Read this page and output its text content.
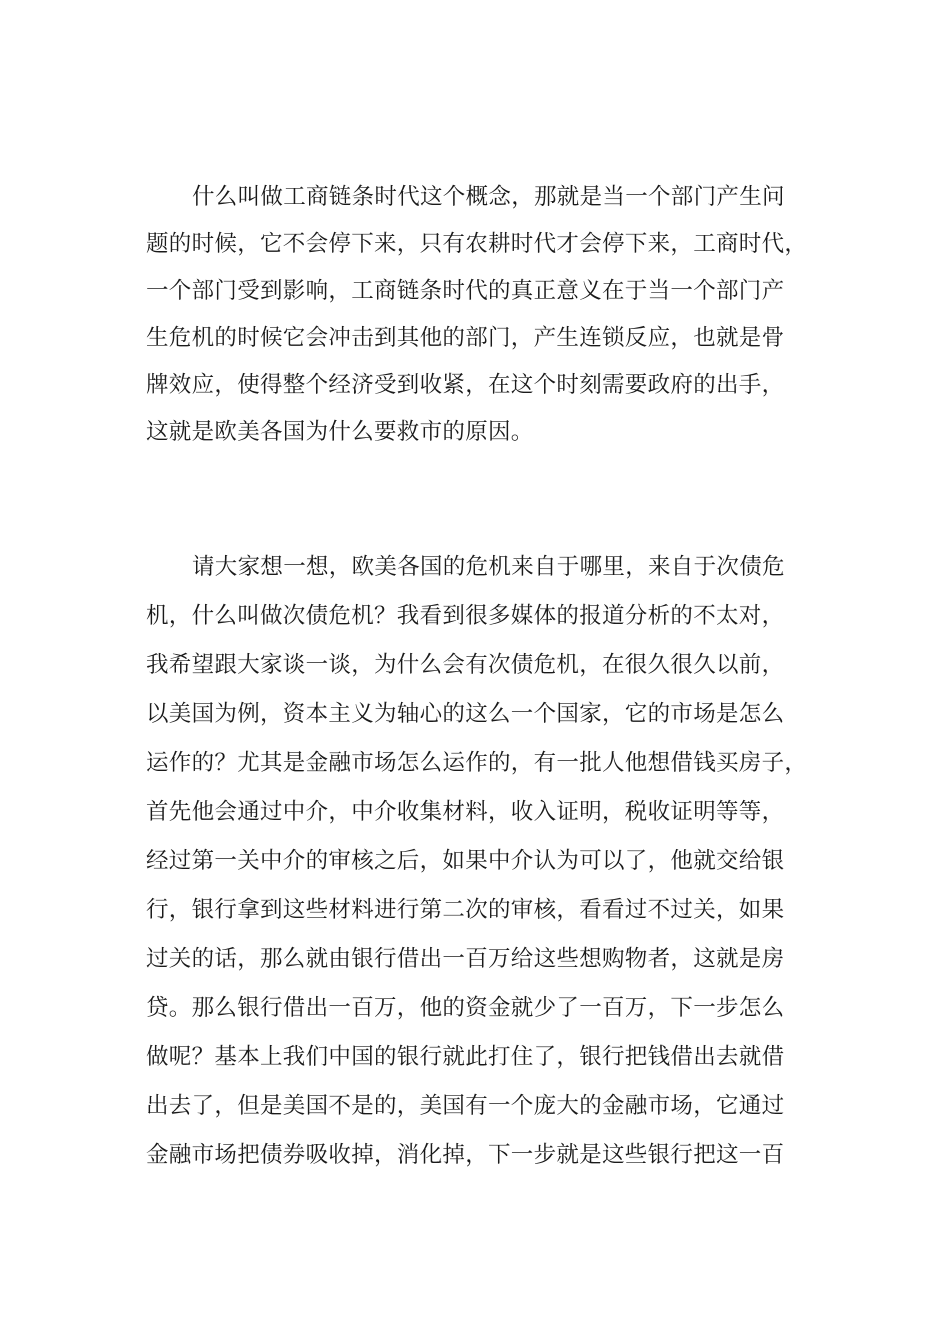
什么叫做工商链条时代这个概念，那就是当一个部门产生问
题的时候，它不会停下来，只有农耕时代才会停下来，工商时代，
一个部门受到影响，工商链条时代的真正意义在于当一个部门产
生危机的时候它会冲击到其他的部门，产生连锁反应，也就是骨
牌效应，使得整个经济受到收紧，在这个时刻需要政府的出手，
这就是欧美各国为什么要救市的原因。
请大家想一想，欧美各国的危机来自于哪里，来自于次债危
机，什么叫做次债危机？我看到很多媒体的报道分析的不太对，
我希望跟大家谈一谈，为什么会有次债危机，在很久很久以前，
以美国为例，资本主义为轴心的这么一个国家，它的市场是怎么
运作的？尤其是金融市场怎么运作的，有一批人他想借钱买房子，
首先他会通过中介，中介收集材料，收入证明，税收证明等等，
经过第一关中介的审核之后，如果中介认为可以了，他就交给银
行，银行拿到这些材料进行第二次的审核，看看过不过关，如果
过关的话，那么就由银行借出一百万给这些想购物者，这就是房
贷。那么银行借出一百万，他的资金就少了一百万，下一步怎么
做呢？基本上我们中国的银行就此打住了，银行把钱借出去就借
出去了，但是美国不是的，美国有一个庞大的金融市场，它通过
金融市场把债券吸收掉，消化掉，下一步就是这些银行把这一百
